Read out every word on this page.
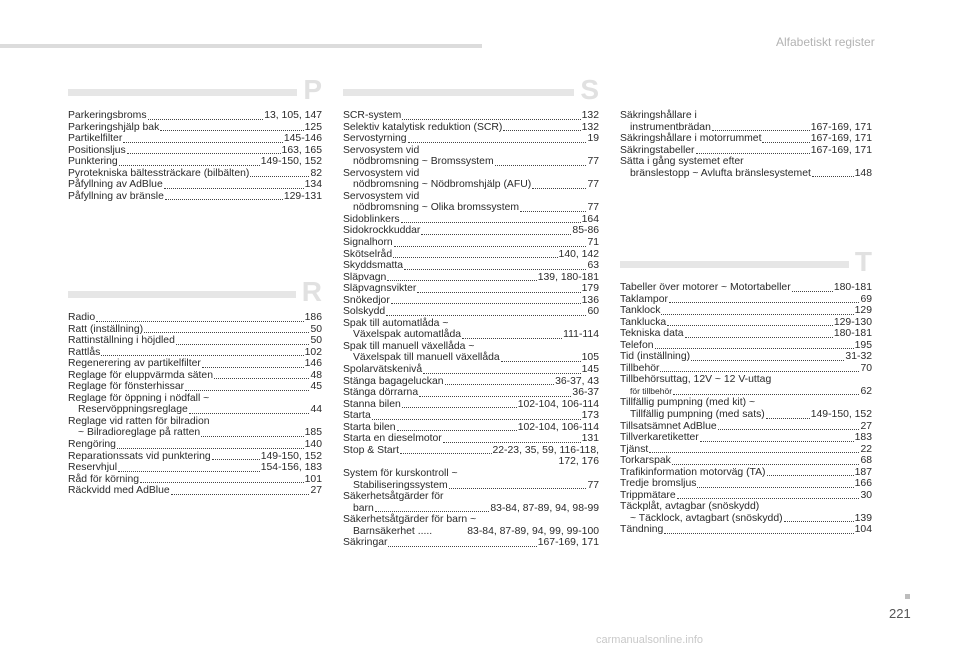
Alfabetiskt register
P
Parkeringsbroms	13, 105, 147
Parkeringshjälp bak	125
Partikelfilter	145-146
Positionsljus	163, 165
Punktering	149-150, 152
Pyrotekniska bältessträckare (bilbälten)	82
Påfyllning av AdBlue	134
Påfyllning av bränsle	129-131
R
Radio	186
Ratt (inställning)	50
Rattinställning i höjdled	50
Rattlås	102
Regenerering av partikelfilter	146
Reglage för eluppvärmda säten	48
Reglage för fönsterhissar	45
Reglage för öppning i nödfall ~
Reservöppningsreglage	44
Reglage vid ratten för bilradion
~ Bilradioreglage på ratten	185
Rengöring	140
Reparationssats vid punktering	149-150, 152
Reservhjul	154-156, 183
Råd för körning	101
Räckvidd med AdBlue	27
S
SCR-system	132
Selektiv katalytisk reduktion (SCR)	132
Servostyrning	19
Servosystem vid
nödbromsning ~ Bromssystem	77
Servosystem vid
nödbromsning ~ Nödbromshjälp (AFU)	77
Servosystem vid
nödbromsning ~ Olika bromssystem	77
Sidoblinkers	164
Sidokrockkuddar	85-86
Signalhorn	71
Skötselråd	140, 142
Skyddsmatta	63
Släpvagn	139, 180-181
Släpvagnsvikter	179
Snökedjor	136
Solskydd	60
Spak till automatlåda ~
Växelspak automatlåda	111-114
Spak till manuell växellåda ~
Växelspak till manuell växellåda	105
Spolarvätskenivå	145
Stänga bagageluckan	36-37, 43
Stänga dörrarna	36-37
Stanna bilen	102-104, 106-114
Starta	173
Starta bilen	102-104, 106-114
Starta en dieselmotor	131
Stop & Start	22-23, 35, 59, 116-118,
172, 176
System för kurskontroll ~
Stabiliseringssystem	77
Säkerhetsåtgärder för
barn	83-84, 87-89, 94, 98-99
Säkerhetsåtgärder för barn ~
Barnsäkerhet .....	83-84, 87-89, 94, 99, 99-100
Säkringar	167-169, 171
Säkringshållare i
instrumentbrädan	167-169, 171
Säkringshållare i motorrummet	167-169, 171
Säkringstabeller	167-169, 171
Sätta i gång systemet efter
bränslestopp ~ Avlufta bränslesystemet	148
T
Tabeller över motorer ~ Motortabeller	180-181
Taklampor	69
Tanklock	129
Tanklucka	129-130
Tekniska data	180-181
Telefon	195
Tid (inställning)	31-32
Tillbehör	70
Tillbehörsuttag, 12V ~ 12 V-uttag
för tillbehör	62
Tillfällig pumpning (med kit) ~
Tillfällig pumpning (med sats)	149-150, 152
Tillsatsämnet AdBlue	27
Tillverkaretiketter	183
Tjänst	22
Torkarspak	68
Trafikinformation motorväg (TA)	187
Tredje bromsljus	166
Trippmätare	30
Täckplåt, avtagbar (snöskydd)
~ Täcklock, avtagbart (snöskydd)	139
Tändning	104
221
carmanualsonline.info
